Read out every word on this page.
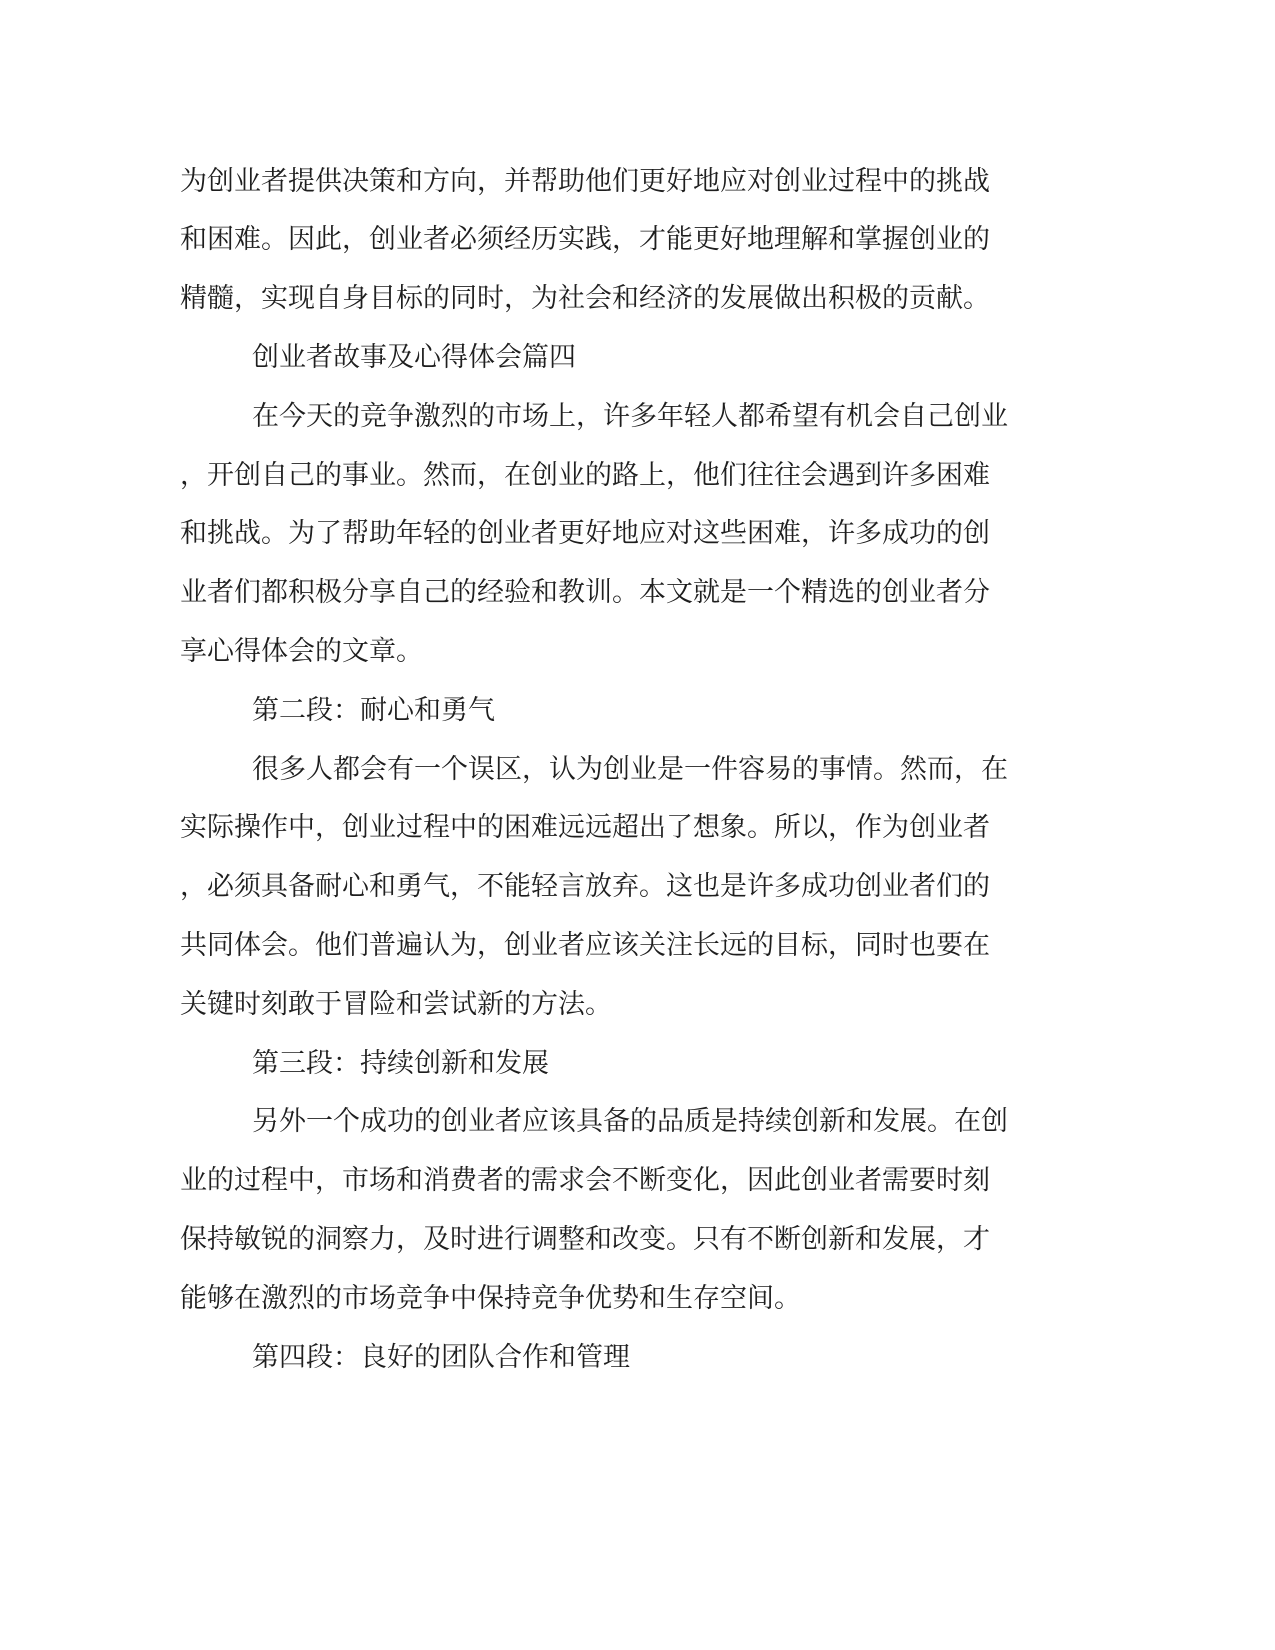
为创业者提供决策和方向，并帮助他们更好地应对创业过程中的挑战
和困难。因此，创业者必须经历实践，才能更好地理解和掌握创业的
精髓，实现自身目标的同时，为社会和经济的发展做出积极的贡献。
创业者故事及心得体会篇四
在今天的竞争激烈的市场上，许多年轻人都希望有机会自己创业
，开创自己的事业。然而，在创业的路上，他们往往会遇到许多困难
和挑战。为了帮助年轻的创业者更好地应对这些困难，许多成功的创
业者们都积极分享自己的经验和教训。本文就是一个精选的创业者分
享心得体会的文章。
第二段：耐心和勇气
很多人都会有一个误区，认为创业是一件容易的事情。然而，在
实际操作中，创业过程中的困难远远超出了想象。所以，作为创业者
，必须具备耐心和勇气，不能轻言放弃。这也是许多成功创业者们的
共同体会。他们普遍认为，创业者应该关注长远的目标，同时也要在
关键时刻敢于冒险和尝试新的方法。
第三段：持续创新和发展
另外一个成功的创业者应该具备的品质是持续创新和发展。在创
业的过程中，市场和消费者的需求会不断变化，因此创业者需要时刻
保持敏锐的洞察力，及时进行调整和改变。只有不断创新和发展，才
能够在激烈的市场竞争中保持竞争优势和生存空间。
第四段：良好的团队合作和管理
